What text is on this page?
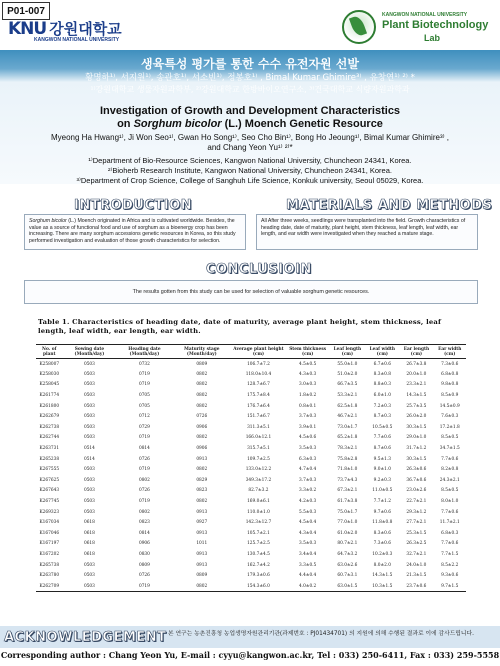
P01-007
KNU 강원대학교
KANGWON NATIONAL UNIVERSITY
KANGWON NATIONAL UNIVERSITY
Plant Biotechnology
Lab
생육특성 평가를 통한 수수 유전자원 선발
황명하¹⁾, 서지원¹⁾, 송관호¹⁾, 서소빈¹⁾, 정봉호¹⁾ , Bimal Kumar Ghimire³⁾ , 유창연¹⁾ ²⁾ *
¹⁾강원대학교 생물자원과학부, ²⁾강원대학교 한방바이오연구소, ³⁾건국대학교 식량자원과학과
Investigation of Growth and Development Characteristics
on Sorghum bicolor (L.) Moench Genetic Resource
Myeong Ha Hwang¹⁾, Ji Won Seo¹⁾, Gwan Ho Song¹⁾, Seo Cho Bin¹⁾, Bong Ho Jeoung¹⁾, Bimal Kumar Ghimire³⁾ ,
and Chang Yeon Yu¹⁾ ²⁾*
¹⁾Department of Bio-Resource Sciences, Kangwon National University, Chuncheon 24341, Korea.
²⁾Bioherb Research Institute, Kangwon National University, Chuncheon 24341, Korea.
³⁾Department of Crop Science, College of Sanghuh Life Science, Konkuk university, Seoul 05029, Korea.
INTRODUCTION
Sorghum bicolor (L.) Moench originated in Africa and is cultivated worldwide. Besides, the value as a source of functional food and use of sorghum as a bioenergy crop has been increasing. There are many sorghum accessions genetic resources in Korea, so this study performed investigation and evaluation of those growth characteristics for selection.
MATERIALS AND METHODS
All After three weeks, seedlings were transplanted into the field. Growth characteristics of heading date, date of maturity, plant height, stem thickness, leaf length, leaf width, ear length, and ear width were investigated when they reached a mature stage.
CONCLUSIOIN
The results gotten from this study can be used for selection of valuable sorghum genetic resources.
Table 1. Characteristics of heading date, date of maturity, average plant height, stem thickness, leaf length, leaf width, ear length, ear width.
No. of plant	Sowing date (Month/day)	Heading date (Month/day)	Maturity stage (Month/day)	Average plant height (cm)	Stem thickness (cm)	Leaf length (cm)	Leaf width (cm)	Ear length (cm)	Ear width (cm)
K258007	0503	0732	0809	106.7±7.2	4.5±0.5	55.0±1.0	6.7±0.6	26.7±3.8	7.3±0.6
K258030	0503	0719	0802	118.0±10.4	4.3±0.3	51.0±2.0	8.3±0.8	20.0±1.0	6.8±0.8
K258045	0503	0719	0802	128.7±6.7	3.0±0.3	66.7±3.5	8.8±0.3	23.3±2.1	9.8±0.8
K261774	0503	0705	0802	175.7±8.4	1.8±0.2	53.3±2.1	6.0±1.0	14.3±1.5	8.5±0.9
K261800	0503	0705	0802	176.7±6.4	0.8±0.1	62.5±1.8	7.2±0.3	25.7±3.5	14.5±0.9
K262679	0503	0712	0726	151.7±6.7	3.7±0.3	46.7±2.1	8.7±0.3	26.0±2.0	7.6±0.3
K262738	0503	0729	0906	311.3±5.1	3.9±0.1	73.0±1.7	10.5±0.5	30.3±1.5	17.2±1.8
K262744	0503	0719	0802	166.0±12.1	4.5±0.6	65.2±1.8	7.7±0.6	29.0±1.0	8.5±0.5
K263731	0514	0814	0906	315.7±5.1	3.5±0.3	78.3±2.1	8.7±0.6	31.7±1.2	34.7±1.5
K265238	0514	0726	0913	109.7±2.5	6.3±0.3	75.8±2.8	9.5±1.3	30.3±1.5	7.7±0.6
K267555	0503	0719	0802	133.0±12.2	4.7±0.4	71.8±1.0	9.0±1.0	26.3±0.6	8.2±0.8
K267625	0503	0802	0829	349.3±17.2	3.7±0.3	73.7±4.3	9.2±0.3	36.7±0.6	24.3±2.1
K267643	0503	0726	0823	82.7±3.2	3.3±0.2	67.3±2.1	11.0±0.5	23.0±2.6	8.5±0.5
K267745	0503	0719	0802	169.0±6.1	4.2±0.3	61.7±3.8	7.7±1.2	22.7±2.1	8.0±1.0
K269323	0503	0802	0913	110.0±1.0	5.5±0.3	75.0±1.7	9.7±0.6	29.3±1.2	7.7±0.6
K167034	0618	0823	0927	142.3±12.7	4.5±0.4	77.0±1.0	11.8±0.8	27.7±2.1	11.7±2.1
K167046	0618	0814	0913	105.7±2.1	4.3±0.4	61.0±2.0	8.3±0.6	25.3±1.5	6.8±0.3
K167197	0618	0906	1011	125.7±2.5	3.5±0.3	80.7±2.1	7.3±0.6	26.3±2.5	7.7±0.6
K167202	0618	0830	0913	130.7±4.5	3.4±0.4	64.7±3.2	10.2±0.3	32.7±2.1	7.7±1.5
K265738	0503	0809	0913	162.7±4.2	3.3±0.5	63.0±2.6	8.0±2.0	24.0±1.0	8.5±2.2
K263780	0503	0726	0809	179.3±0.6	4.4±0.4	60.7±3.1	14.3±1.5	21.3±1.5	9.3±0.6
K262709	0503	0719	0802	154.3±6.0	4.0±0.2	63.0±1.5	10.3±1.5	23.7±0.6	9.7±1.5
ACKNOWLEDGEMENT 본 연구는 농촌진흥청 농업생명자원관리기관(과제번호 : PJ01434701) 의 지원에 의해 수행된 결과로 이에 감사드립니다.
Corresponding author : Chang Yeon Yu, E-mail : cyyu@kangwon.ac.kr, Tel : 033) 250-6411, Fax : 033) 259-5558
